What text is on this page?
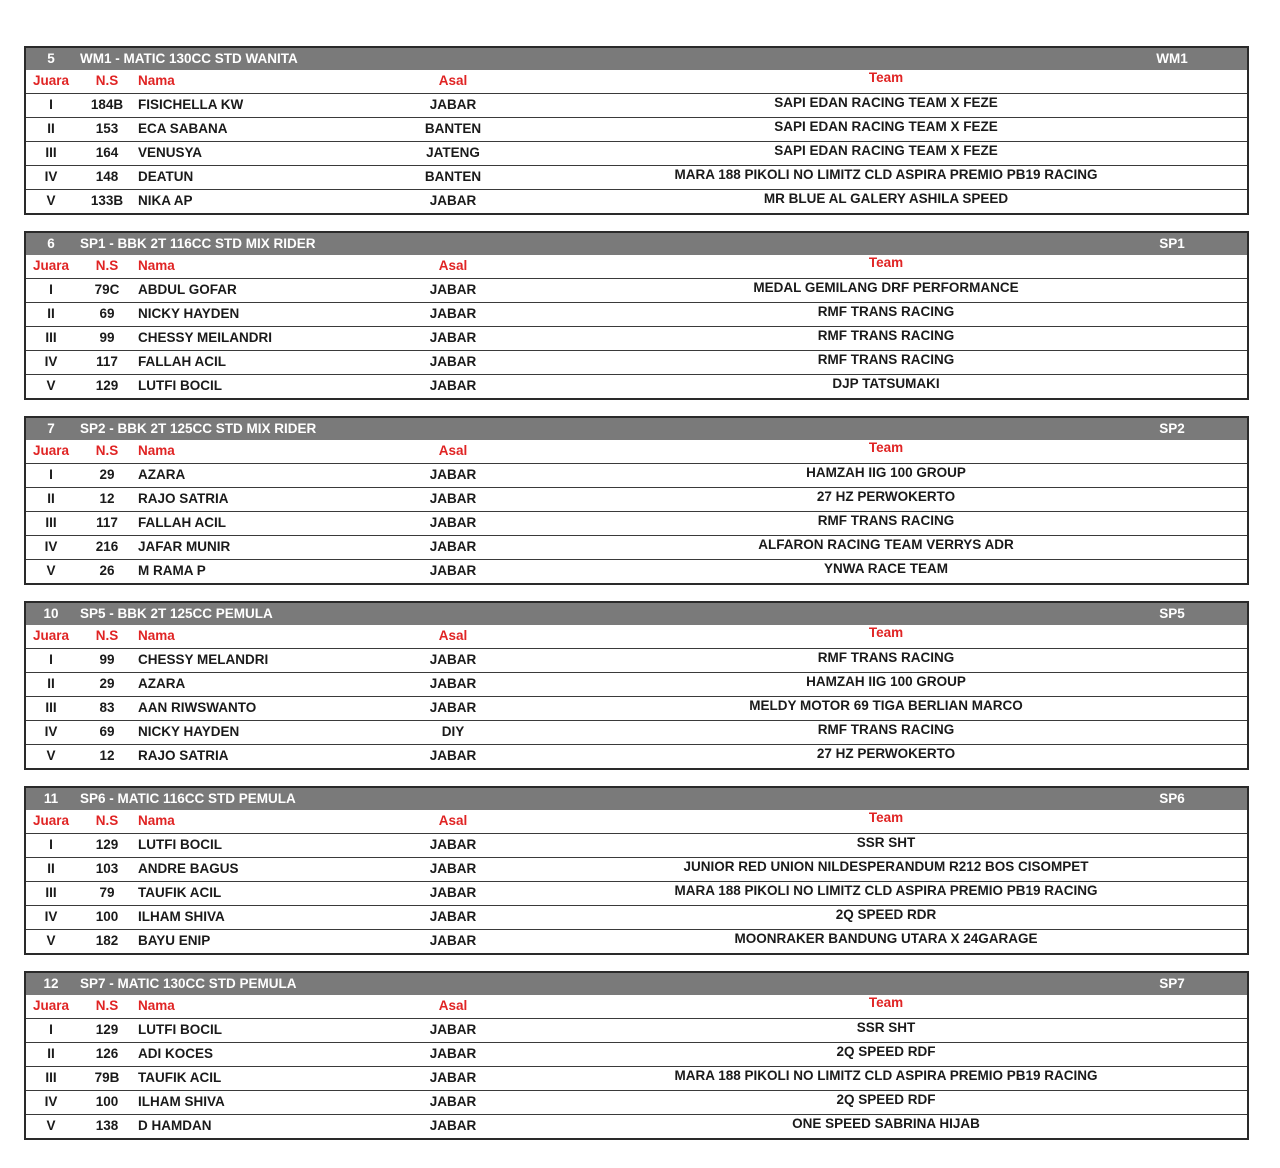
5	WM1 - MATIC 130CC STD WANITA	WM1
Juara	N.S	Nama	Asal	Team
I	184B	FISICHELLA KW	JABAR	SAPI EDAN RACING TEAM X FEZE
II	153	ECA SABANA	BANTEN	SAPI EDAN RACING TEAM X FEZE
III	164	VENUSYA	JATENG	SAPI EDAN RACING TEAM X FEZE
IV	148	DEATUN	BANTEN	MARA 188 PIKOLI NO LIMITZ CLD ASPIRA PREMIO PB19 RACING
V	133B	NIKA AP	JABAR	MR BLUE AL GALERY ASHILA SPEED
6	SP1 - BBK 2T 116CC STD MIX RIDER	SP1
Juara	N.S	Nama	Asal	Team
I	79C	ABDUL GOFAR	JABAR	MEDAL GEMILANG DRF PERFORMANCE
II	69	NICKY HAYDEN	JABAR	RMF TRANS RACING
III	99	CHESSY MEILANDRI	JABAR	RMF TRANS RACING
IV	117	FALLAH ACIL	JABAR	RMF TRANS RACING
V	129	LUTFI BOCIL	JABAR	DJP TATSUMAKI
7	SP2 - BBK 2T 125CC STD MIX RIDER	SP2
Juara	N.S	Nama	Asal	Team
I	29	AZARA	JABAR	HAMZAH IIG 100 GROUP
II	12	RAJO SATRIA	JABAR	27 HZ PERWOKERTO
III	117	FALLAH ACIL	JABAR	RMF TRANS RACING
IV	216	JAFAR MUNIR	JABAR	ALFARON RACING TEAM VERRYS ADR
V	26	M RAMA P	JABAR	YNWA RACE TEAM
10	SP5 - BBK 2T 125CC PEMULA	SP5
Juara	N.S	Nama	Asal	Team
I	99	CHESSY MELANDRI	JABAR	RMF TRANS RACING
II	29	AZARA	JABAR	HAMZAH IIG 100 GROUP
III	83	AAN RIWSWANTO	JABAR	MELDY MOTOR 69 TIGA BERLIAN MARCO
IV	69	NICKY HAYDEN	DIY	RMF TRANS RACING
V	12	RAJO SATRIA	JABAR	27 HZ PERWOKERTO
11	SP6 - MATIC 116CC STD PEMULA	SP6
Juara	N.S	Nama	Asal	Team
I	129	LUTFI BOCIL	JABAR	SSR SHT
II	103	ANDRE BAGUS	JABAR	JUNIOR RED UNION NILDESPERANDUM R212 BOS CISOMPET
III	79	TAUFIK ACIL	JABAR	MARA 188 PIKOLI NO LIMITZ CLD ASPIRA PREMIO PB19 RACING
IV	100	ILHAM SHIVA	JABAR	2Q SPEED RDR
V	182	BAYU ENIP	JABAR	MOONRAKER BANDUNG UTARA X 24GARAGE
12	SP7 - MATIC 130CC STD PEMULA	SP7
Juara	N.S	Nama	Asal	Team
I	129	LUTFI BOCIL	JABAR	SSR SHT
II	126	ADI KOCES	JABAR	2Q SPEED RDF
III	79B	TAUFIK ACIL	JABAR	MARA 188 PIKOLI NO LIMITZ CLD ASPIRA PREMIO PB19 RACING
IV	100	ILHAM SHIVA	JABAR	2Q SPEED RDF
V	138	D HAMDAN	JABAR	ONE SPEED SABRINA HIJAB
